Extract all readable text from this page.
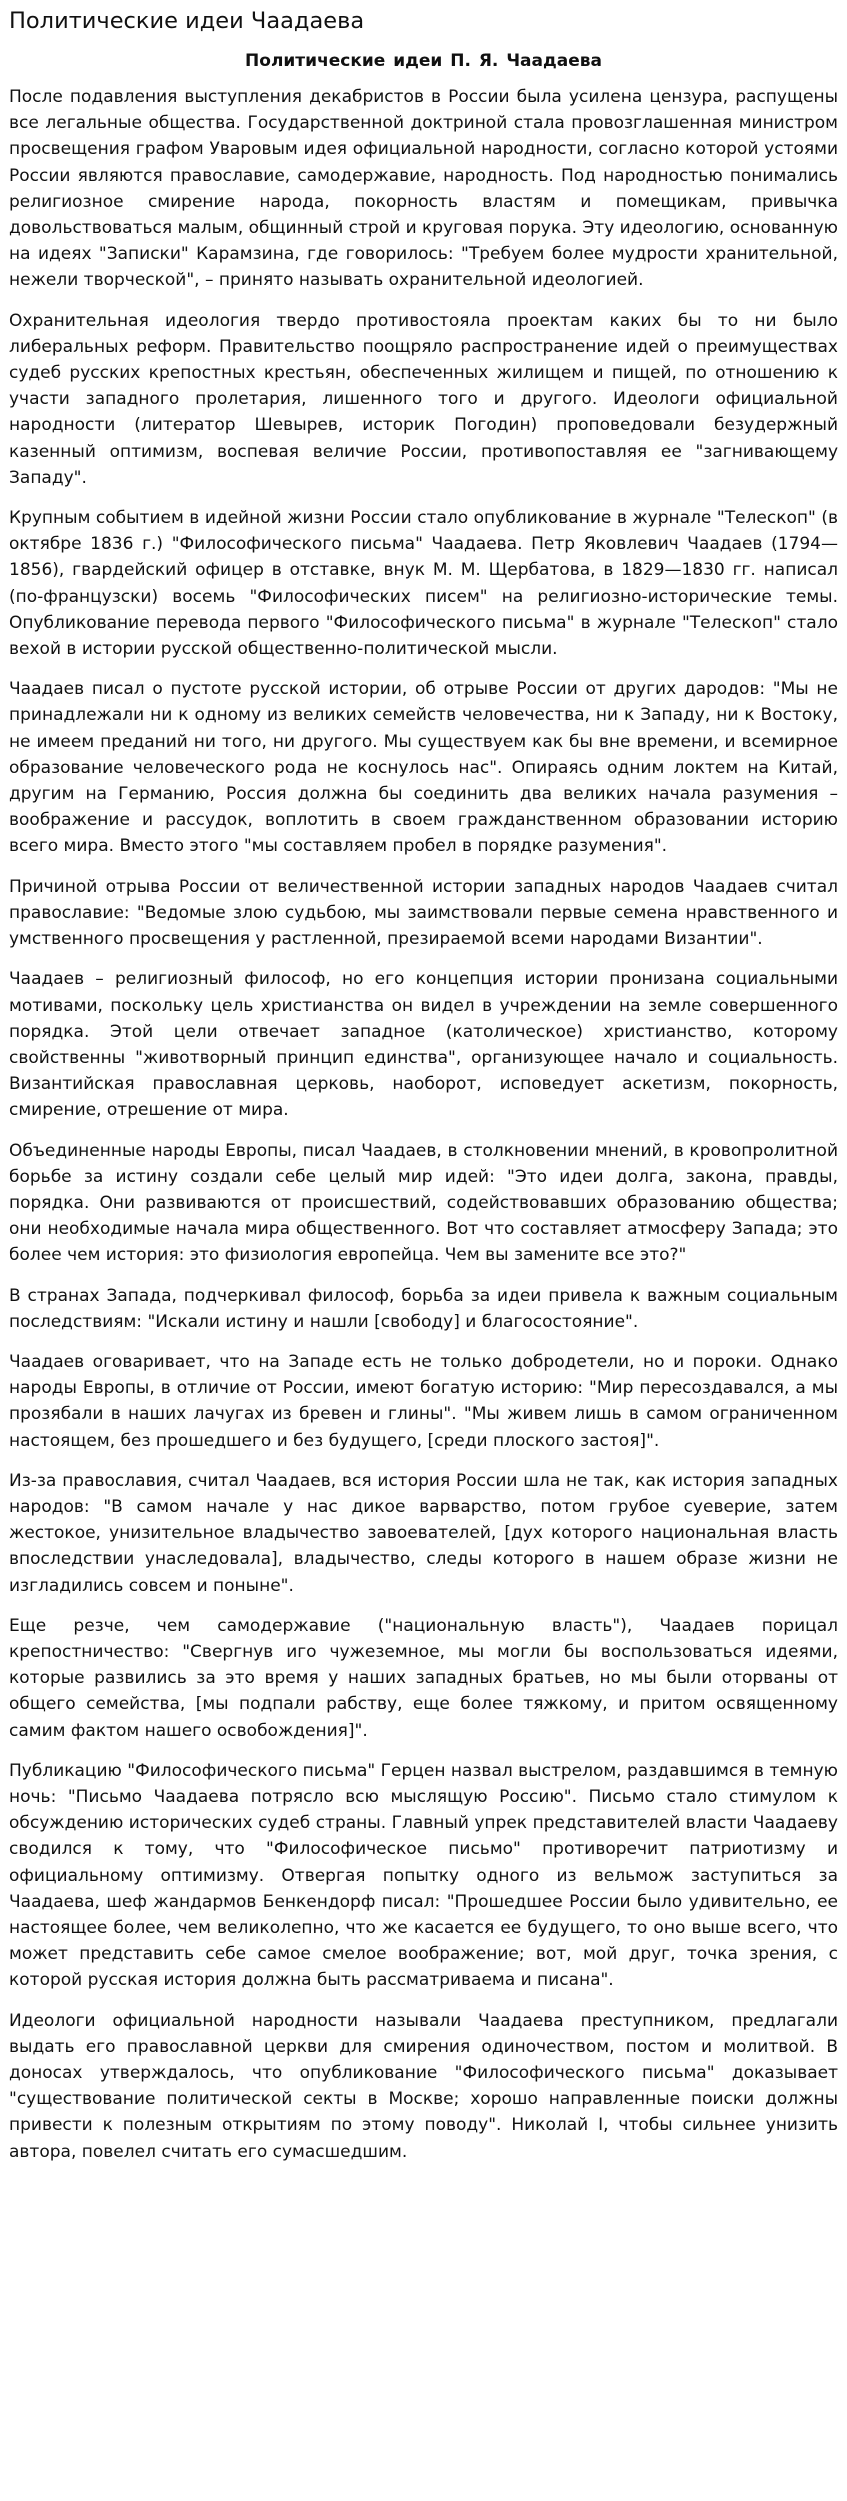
Политические идеи Чаадаева
Политические идеи П. Я. Чаадаева

После подавления выступления декабристов в России была усилена цензура, распущены все легальные общества. Государственной доктриной стала провозглашенная министром просвещения графом Уваровым идея официальной народности, согласно которой устоями России являются православие, самодержавие, народность. Под народностью понимались религиозное смирение народа, покорность властям и помещикам, привычка довольствоваться малым, общинный строй и круговая порука. Эту идеологию, основанную на идеях "Записки" Карамзина, где говорилось: "Требуем более мудрости хранительной, нежели творческой", – принято называть охранительной идеологией.

Охранительная идеология твердо противостояла проектам каких бы то ни было либеральных реформ. Правительство поощряло распространение идей о преимуществах судеб русских крепостных крестьян, обеспеченных жилищем и пищей, по отношению к участи западного пролетария, лишенного того и другого. Идеологи официальной народности (литератор Шевырев, историк Погодин) проповедовали безудержный казенный оптимизм, воспевая величие России, противопоставляя ее "загнивающему Западу".

Крупным событием в идейной жизни России стало опубликование в журнале "Телескоп" (в октябре 1836 г.) "Философического письма" Чаадаева. Петр Яковлевич Чаадаев (1794—1856), гвардейский офицер в отставке, внук М. М. Щербатова, в 1829—1830 гг. написал (по-французски) восемь "Философических писем" на религиозно-исторические темы. Опубликование перевода первого "Философического письма" в журнале "Телескоп" стало вехой в истории русской общественно-политической мысли.

Чаадаев писал о пустоте русской истории, об отрыве России от других дародов: "Мы не принадлежали ни к одному из великих семейств человечества, ни к Западу, ни к Востоку, не имеем преданий ни того, ни другого. Мы существуем как бы вне времени, и всемирное образование человеческого рода не коснулось нас". Опираясь одним локтем на Китай, другим на Германию, Россия должна бы соединить два великих начала разумения – воображение и рассудок, воплотить в своем гражданственном образовании историю всего мира. Вместо этого "мы составляем пробел в порядке разумения".

Причиной отрыва России от величественной истории западных народов Чаадаев считал православие: "Ведомые злою судьбою, мы заимствовали первые семена нравственного и умственного просвещения у растленной, презираемой всеми народами Византии".

Чаадаев – религиозный философ, но его концепция истории пронизана социальными мотивами, поскольку цель христианства он видел в учреждении на земле совершенного порядка. Этой цели отвечает западное (католическое) христианство, которому свойственны "животворный принцип единства", организующее начало и социальность. Византийская православная церковь, наоборот, исповедует аскетизм, покорность, смирение, отрешение от мира.

Объединенные народы Европы, писал Чаадаев, в столкновении мнений, в кровопролитной борьбе за истину создали себе целый мир идей: "Это идеи долга, закона, правды, порядка. Они развиваются от происшествий, содействовавших образованию общества; они необходимые начала мира общественного. Вот что составляет атмосферу Запада; это более чем история: это физиология европейца. Чем вы замените все это?"

В странах Запада, подчеркивал философ, борьба за идеи привела к важным социальным последствиям: "Искали истину и нашли [свободу] и благосостояние".

Чаадаев оговаривает, что на Западе есть не только добродетели, но и пороки. Однако народы Европы, в отличие от России, имеют богатую историю: "Мир пересоздавался, а мы прозябали в наших лачугах из бревен и глины". "Мы живем лишь в самом ограниченном настоящем, без прошедшего и без будущего, [среди плоского застоя]".

Из-за православия, считал Чаадаев, вся история России шла не так, как история западных народов: "В самом начале у нас дикое варварство, потом грубое суеверие, затем жестокое, унизительное владычество завоевателей, [дух которого национальная власть впоследствии унаследовала], владычество, следы которого в нашем образе жизни не изгладились совсем и поныне".

Еще резче, чем самодержавие ("национальную власть"), Чаадаев порицал крепостничество: "Свергнув иго чужеземное, мы могли бы воспользоваться идеями, которые развились за это время у наших западных братьев, но мы были оторваны от общего семейства, [мы подпали рабству, еще более тяжкому, и притом освященному самим фактом нашего освобождения]".

Публикацию "Философического письма" Герцен назвал выстрелом, раздавшимся в темную ночь: "Письмо Чаадаева потрясло всю мыслящую Россию". Письмо стало стимулом к обсуждению исторических судеб страны. Главный упрек представителей власти Чаадаеву сводился к тому, что "Философическое письмо" противоречит патриотизму и официальному оптимизму. Отвергая попытку одного из вельмож заступиться за Чаадаева, шеф жандармов Бенкендорф писал: "Прошедшее России было удивительно, ее настоящее более, чем великолепно, что же касается ее будущего, то оно выше всего, что может представить себе самое смелое воображение; вот, мой друг, точка зрения, с которой русская история должна быть рассматриваема и писана".

Идеологи официальной народности называли Чаадаева преступником, предлагали выдать его православной церкви для смирения одиночеством, постом и молитвой. В доносах утверждалось, что опубликование "Философического письма" доказывает "существование политической секты в Москве; хорошо направленные поиски должны привести к полезным открытиям по этому поводу". Николай I, чтобы сильнее унизить автора, повелел считать его сумасшедшим.
